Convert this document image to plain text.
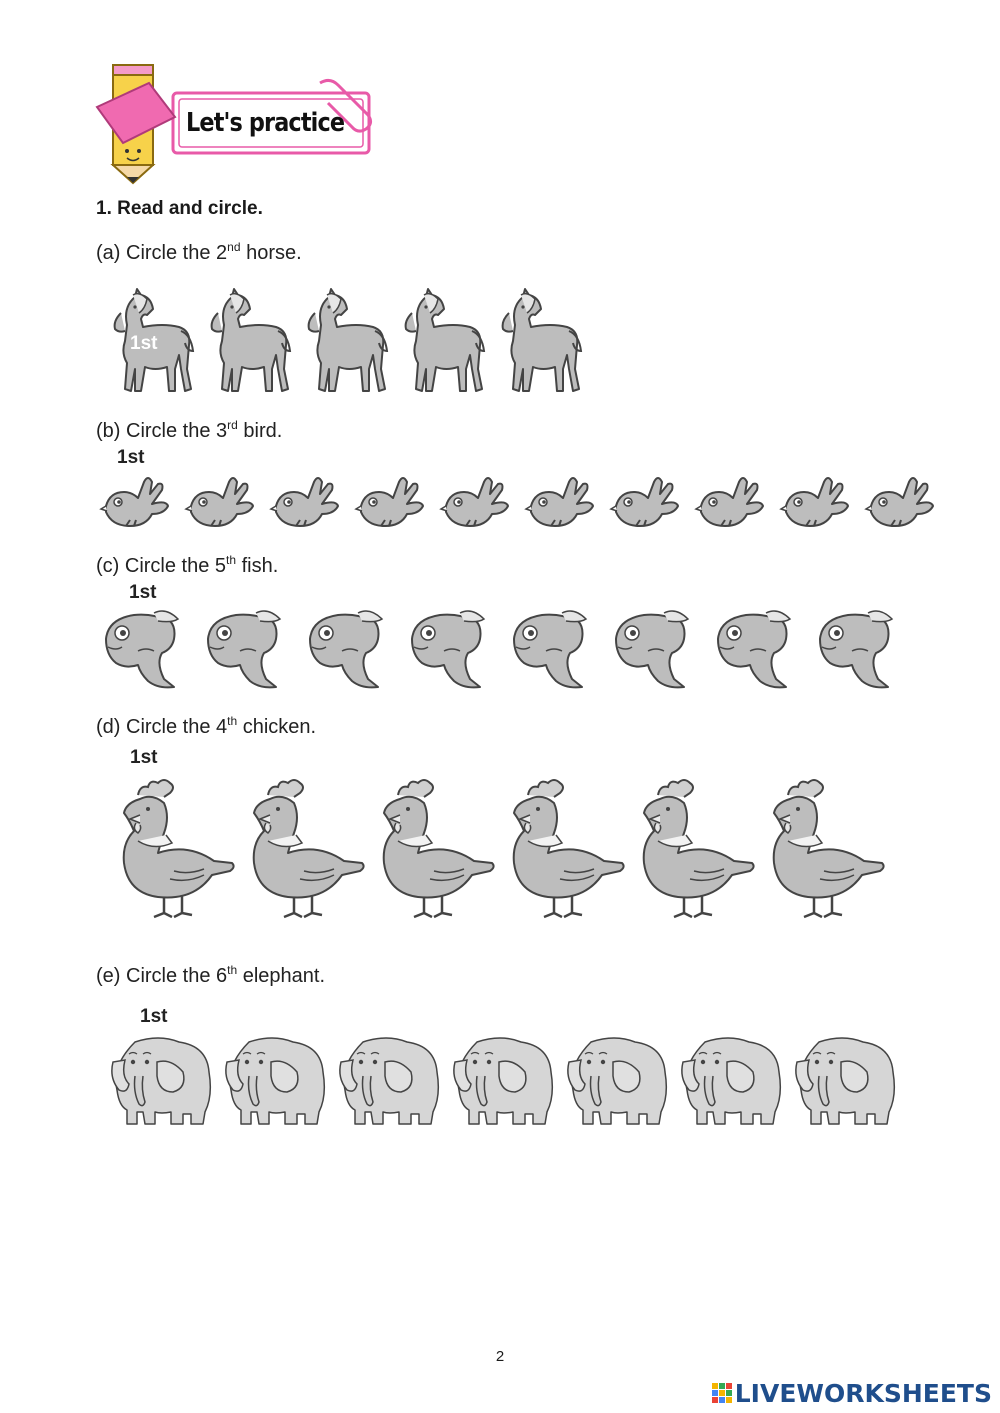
Let's practice
1. Read and circle.
(a) Circle the 2nd horse.
1st
(b) Circle the 3rd bird.
1st
(c) Circle the 5th fish.
1st
(d) Circle the 4th chicken.
1st
(e) Circle the 6th elephant.
1st
2
LIVEWORKSHEETS
